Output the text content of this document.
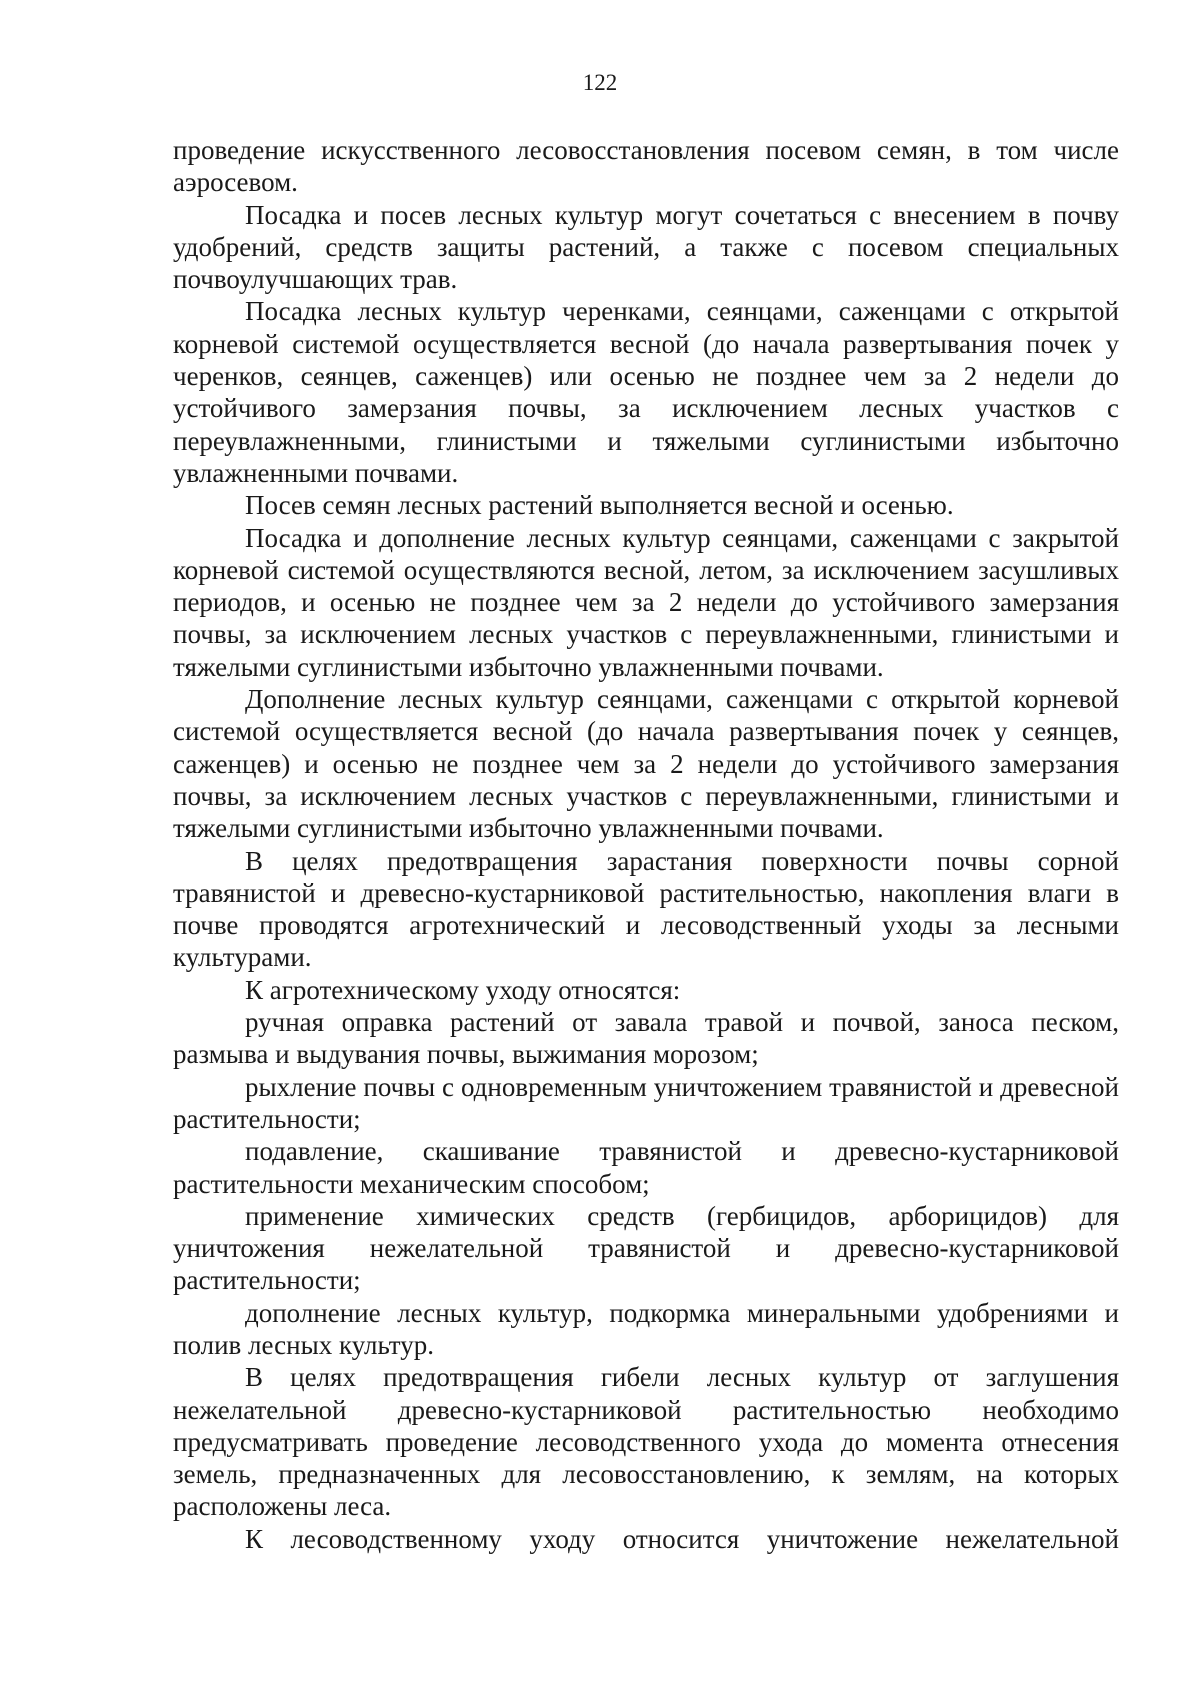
122

проведение искусственного лесовосстановления посевом семян, в том числе аэросевом.

Посадка и посев лесных культур могут сочетаться с внесением в почву удобрений, средств защиты растений, а также с посевом специальных почвоулучшающих трав.

Посадка лесных культур черенками, сеянцами, саженцами с открытой корневой системой осуществляется весной (до начала развертывания почек у черенков, сеянцев, саженцев) или осенью не позднее чем за 2 недели до устойчивого замерзания почвы, за исключением лесных участков с переувлажненными, глинистыми и тяжелыми суглинистыми избыточно увлажненными почвами.

Посев семян лесных растений выполняется весной и осенью.

Посадка и дополнение лесных культур сеянцами, саженцами с закрытой корневой системой осуществляются весной, летом, за исключением засушливых периодов, и осенью не позднее чем за 2 недели до устойчивого замерзания почвы, за исключением лесных участков с переувлажненными, глинистыми и тяжелыми суглинистыми избыточно увлажненными почвами.

Дополнение лесных культур сеянцами, саженцами с открытой корневой системой осуществляется весной (до начала развертывания почек у сеянцев, саженцев) и осенью не позднее чем за 2 недели до устойчивого замерзания почвы, за исключением лесных участков с переувлажненными, глинистыми и тяжелыми суглинистыми избыточно увлажненными почвами.

В целях предотвращения зарастания поверхности почвы сорной травянистой и древесно-кустарниковой растительностью, накопления влаги в почве проводятся агротехнический и лесоводственный уходы за лесными культурами.

К агротехническому уходу относятся:

ручная оправка растений от завала травой и почвой, заноса песком, размыва и выдувания почвы, выжимания морозом;

рыхление почвы с одновременным уничтожением травянистой и древесной растительности;

подавление, скашивание травянистой и древесно-кустарниковой растительности механическим способом;

применение химических средств (гербицидов, арборицидов) для уничтожения нежелательной травянистой и древесно-кустарниковой растительности;

дополнение лесных культур, подкормка минеральными удобрениями и полив лесных культур.

В целях предотвращения гибели лесных культур от заглушения нежелательной древесно-кустарниковой растительностью необходимо предусматривать проведение лесоводственного ухода до момента отнесения земель, предназначенных для лесовосстановлению, к землям, на которых расположены леса.

К лесоводственному уходу относится уничтожение нежелательной
